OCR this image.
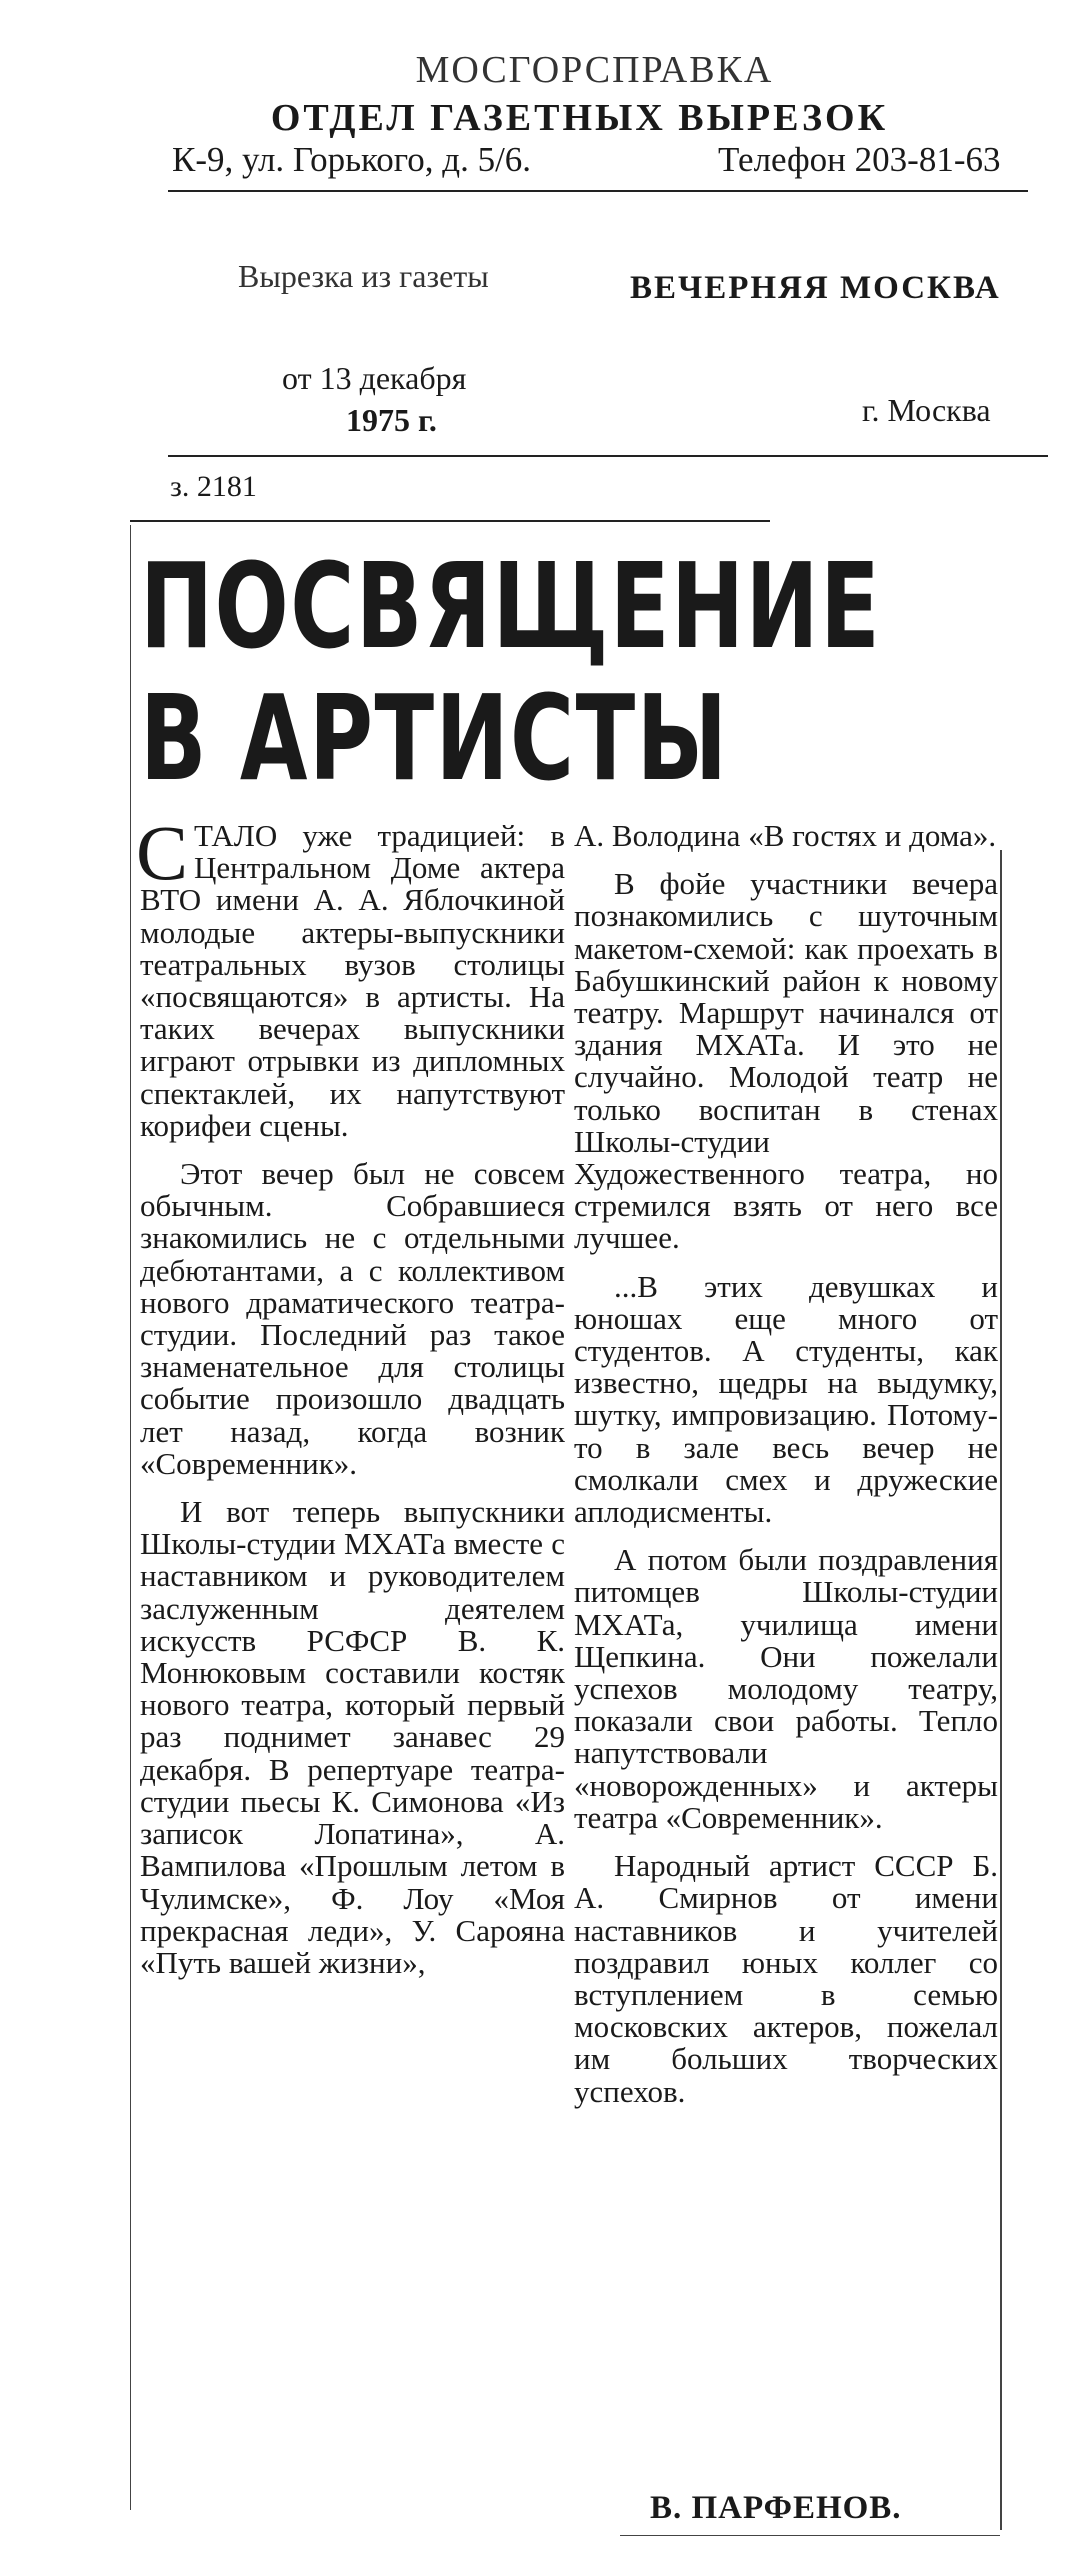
МОСГОРСПРАВКА
ОТДЕЛ ГАЗЕТНЫХ ВЫРЕЗОК
К-9, ул. Горького, д. 5/6.	Телефон 203-81-63
Вырезка из газеты	ВЕЧЕРНЯЯ МОСКВА
от 13 декабря
1975 г.	г. Москва
з. 2181
ПОСВЯЩЕНИЕ
В АРТИСТЫ

СТАЛО уже традицией: в Центральном Доме актера ВТО имени А. А. Яблочкиной молодые актеры-выпускники театральных вузов столицы «посвящаются» в артисты. На таких вечерах выпускники играют отрывки из дипломных спектаклей, их напутствуют корифеи сцены.

Этот вечер был не совсем обычным. Собравшиеся знакомились не с отдельными дебютантами, а с коллективом нового драматического театра-студии. Последний раз такое знаменательное для столицы событие произошло двадцать лет назад, когда возник «Современник».

И вот теперь выпускники Школы-студии МХАТа вместе с наставником и руководителем заслуженным деятелем искусств РСФСР В. К. Монюковым составили костяк нового театра, который первый раз поднимет занавес 29 декабря. В репертуаре театра-студии пьесы К. Симонова «Из записок Лопатина», А. Вампилова «Прошлым летом в Чулимске», Ф. Лоу «Моя прекрасная леди», У. Сарояна «Путь вашей жизни»,

А. Володина «В гостях и дома».

В фойе участники вечера познакомились с шуточным макетом-схемой: как проехать в Бабушкинский район к новому театру. Маршрут начинался от здания МХАТа. И это не случайно. Молодой театр не только воспитан в стенах Школы-студии Художественного театра, но стремился взять от него все лучшее.

...В этих девушках и юношах еще много от студентов. А студенты, как известно, щедры на выдумку, шутку, импровизацию. Потому-то в зале весь вечер не смолкали смех и дружеские аплодисменты.

А потом были поздравления питомцев Школы-студии МХАТа, училища имени Щепкина. Они пожелали успехов молодому театру, показали свои работы. Тепло напутствовали «новорожденных» и актеры театра «Современник».

Народный артист СССР Б. А. Смирнов от имени наставников и учителей поздравил юных коллег со вступлением в семью московских актеров, пожелал им больших творческих успехов.

В. ПАРФЕНОВ.
